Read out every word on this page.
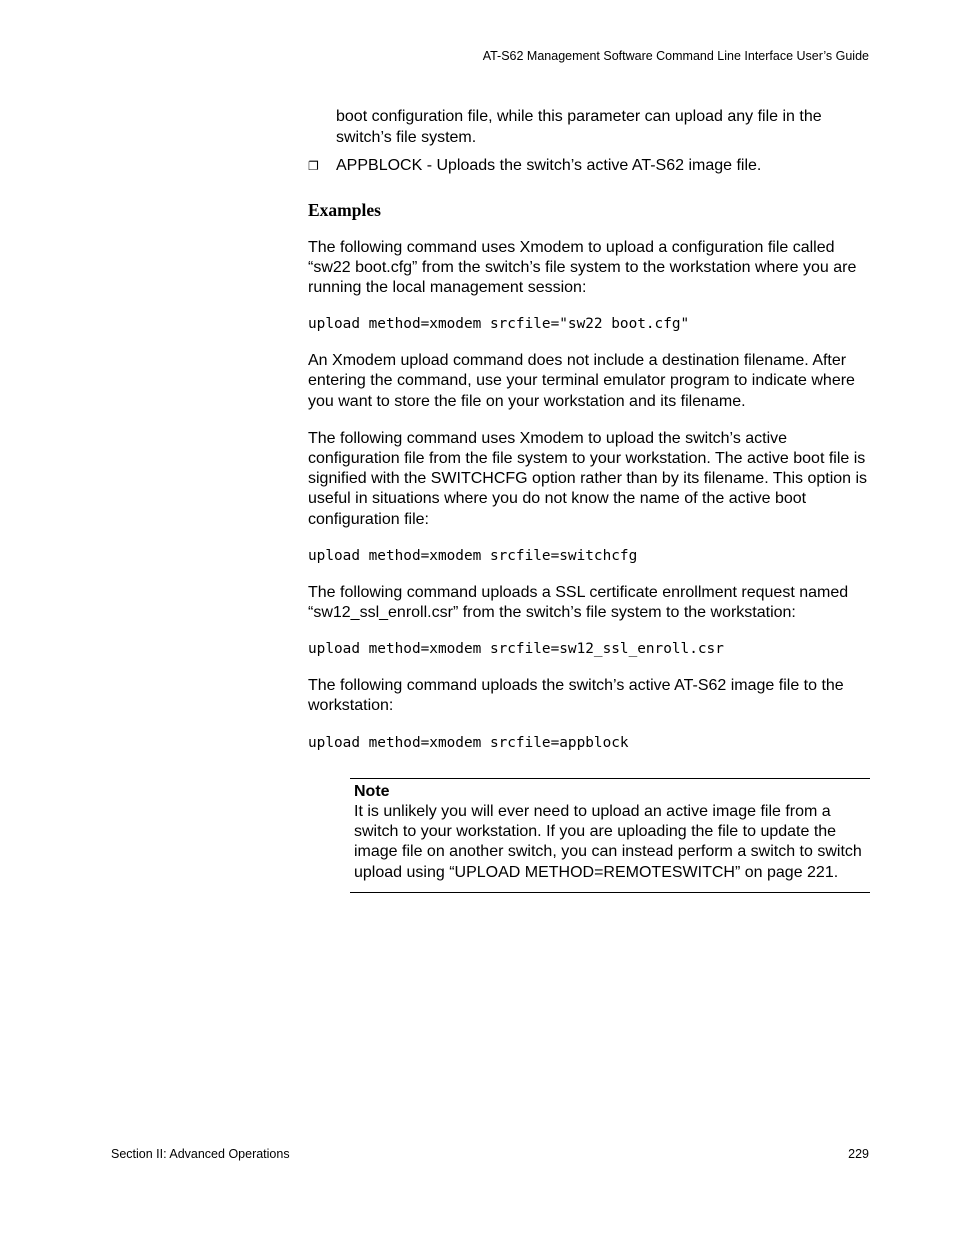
AT-S62 Management Software Command Line Interface User’s Guide

boot configuration file, while this parameter can upload any file in the switch’s file system.

❐	APPBLOCK - Uploads the switch’s active AT-S62 image file.
Examples

The following command uses Xmodem to upload a configuration file called “sw22 boot.cfg” from the switch’s file system to the workstation where you are running the local management session:

upload method=xmodem srcfile="sw22 boot.cfg"

An Xmodem upload command does not include a destination filename. After entering the command, use your terminal emulator program to indicate where you want to store the file on your workstation and its filename.

The following command uses Xmodem to upload the switch’s active configuration file from the file system to your workstation. The active boot file is signified with the SWITCHCFG option rather than by its filename. This option is useful in situations where you do not know the name of the active boot configuration file:

upload method=xmodem srcfile=switchcfg

The following command uploads a SSL certificate enrollment request named “sw12_ssl_enroll.csr” from the switch’s file system to the workstation:

upload method=xmodem srcfile=sw12_ssl_enroll.csr

The following command uploads the switch’s active AT-S62 image file to the workstation:

upload method=xmodem srcfile=appblock
Note
It is unlikely you will ever need to upload an active image file from a switch to your workstation. If you are uploading the file to update the image file on another switch, you can instead perform a switch to switch upload using “UPLOAD METHOD=REMOTESWITCH” on page 221.
Section II: Advanced Operations	229
